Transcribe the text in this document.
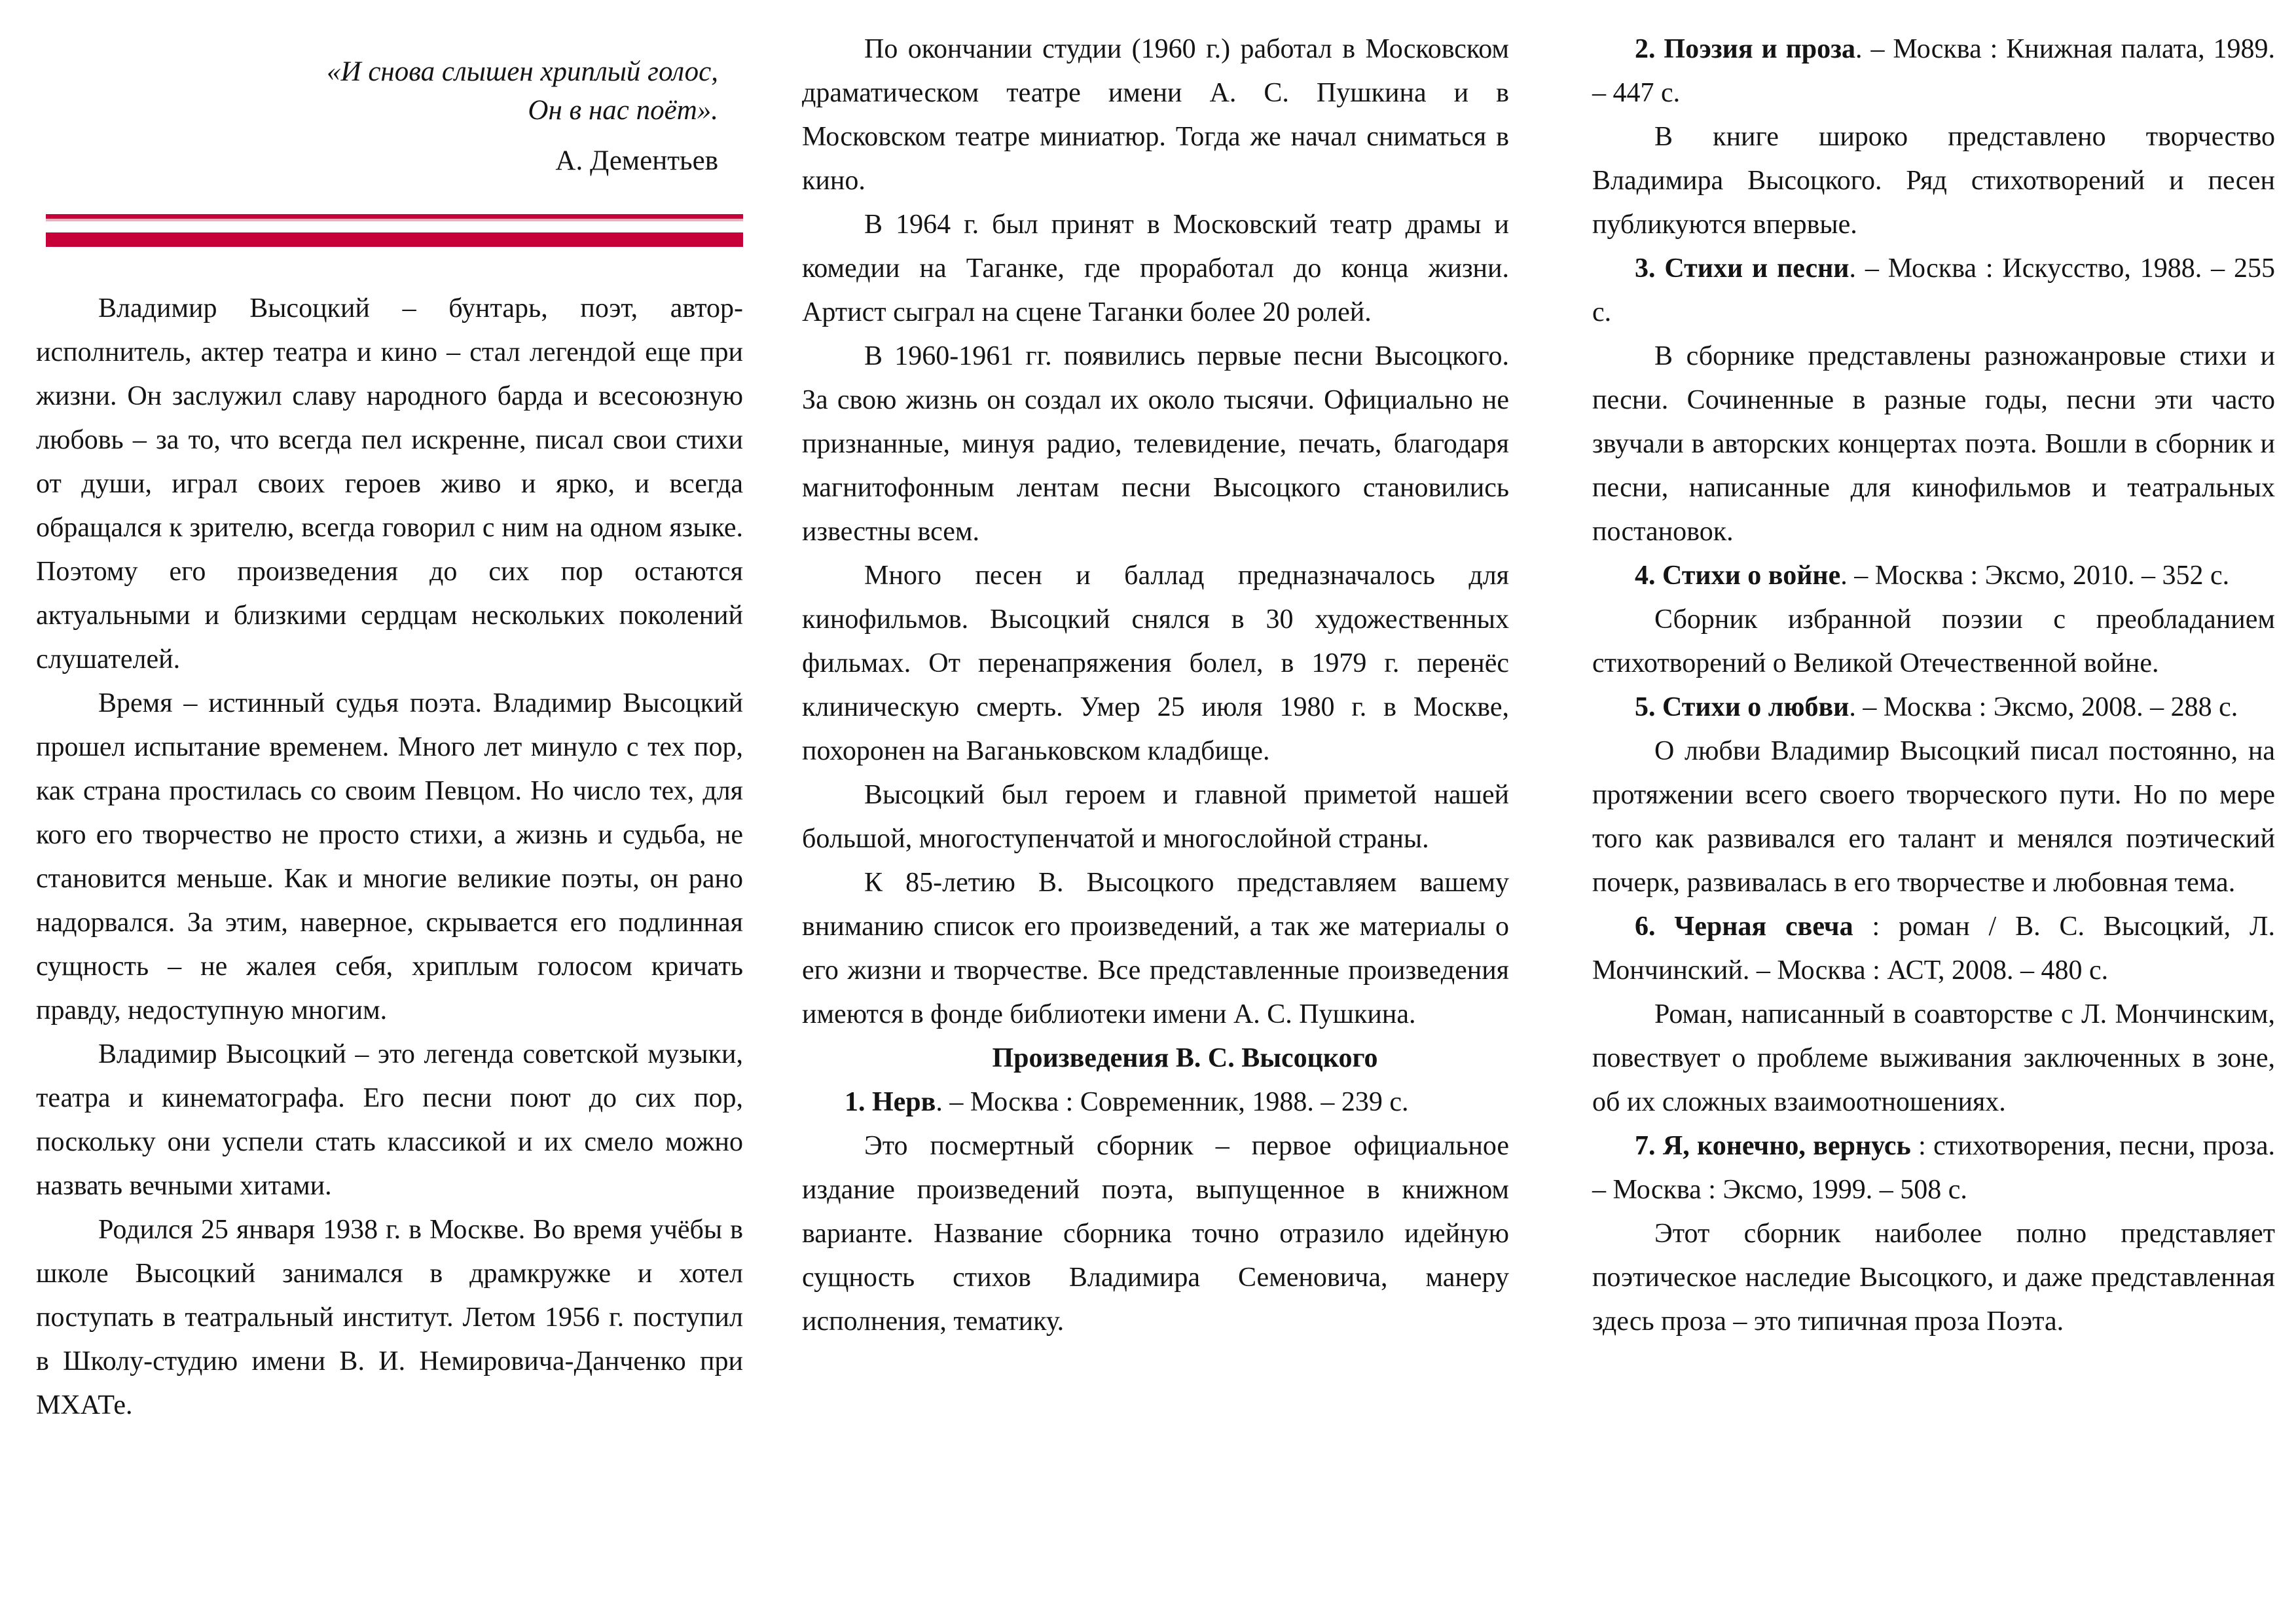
«И снова слышен хриплый голос,
Он в нас поёт».
А. Дементьев

Владимир Высоцкий – бунтарь, поэт, автор-исполнитель, актер театра и кино – стал легендой еще при жизни. Он заслужил славу народного барда и всесоюзную любовь – за то, что всегда пел искренне, писал свои стихи от души, играл своих героев живо и ярко, и всегда обращался к зрителю, всегда говорил с ним на одном языке. Поэтому его произведения до сих пор остаются актуальными и близкими сердцам нескольких поколений слушателей.

Время – истинный судья поэта. Владимир Высоцкий прошел испытание временем. Много лет минуло с тех пор, как страна простилась со своим Певцом. Но число тех, для кого его творчество не просто стихи, а жизнь и судьба, не становится меньше. Как и многие великие поэты, он рано надорвался. За этим, наверное, скрывается его подлинная сущность – не жалея себя, хриплым голосом кричать правду, недоступную многим.

Владимир Высоцкий – это легенда советской музыки, театра и кинематографа. Его песни поют до сих пор, поскольку они успели стать классикой и их смело можно назвать вечными хитами.

Родился 25 января 1938 г. в Москве. Во время учёбы в школе Высоцкий занимался в драмкружке и хотел поступать в театральный институт. Летом 1956 г. поступил в Школу-студию имени В. И. Немировича-Данченко при МХАТе.

По окончании студии (1960 г.) работал в Московском драматическом театре имени А. С. Пушкина и в Московском театре миниатюр. Тогда же начал сниматься в кино.

В 1964 г. был принят в Московский театр драмы и комедии на Таганке, где проработал до конца жизни. Артист сыграл на сцене Таганки более 20 ролей.

В 1960-1961 гг. появились первые песни Высоцкого. За свою жизнь он создал их около тысячи. Официально не признанные, минуя радио, телевидение, печать, благодаря магнитофонным лентам песни Высоцкого становились известны всем.

Много песен и баллад предназначалось для кинофильмов. Высоцкий снялся в 30 художественных фильмах. От перенапряжения болел, в 1979 г. перенёс клиническую смерть. Умер 25 июля 1980 г. в Москве, похоронен на Ваганьковском кладбище.

Высоцкий был героем и главной приметой нашей большой, многоступенчатой и многослойной страны.

К 85-летию В. Высоцкого представляем вашему вниманию список его произведений, а так же материалы о его жизни и творчестве. Все представленные произведения имеются в фонде библиотеки имени А. С. Пушкина.

Произведения В. С. Высоцкого

1. Нерв. – Москва : Современник, 1988. – 239 с.

Это посмертный сборник – первое официальное издание произведений поэта, выпущенное в книжном варианте. Название сборника точно отразило идейную сущность стихов Владимира Семеновича, манеру исполнения, тематику.

2. Поэзия и проза. – Москва : Книжная палата, 1989. – 447 с.

В книге широко представлено творчество Владимира Высоцкого. Ряд стихотворений и песен публикуются впервые.

3. Стихи и песни. – Москва : Искусство, 1988. – 255 с.

В сборнике представлены разножанровые стихи и песни. Сочиненные в разные годы, песни эти часто звучали в авторских концертах поэта. Вошли в сборник и песни, написанные для кинофильмов и театральных постановок.

4. Стихи о войне. – Москва : Эксмо, 2010. – 352 с.

Сборник избранной поэзии с преобладанием стихотворений о Великой Отечественной войне.

5. Стихи о любви. – Москва : Эксмо, 2008. – 288 с.

О любви Владимир Высоцкий писал постоянно, на протяжении всего своего творческого пути. Но по мере того как развивался его талант и менялся поэтический почерк, развивалась в его творчестве и любовная тема.

6. Черная свеча : роман / В. С. Высоцкий, Л. Мончинский. – Москва : АСТ, 2008. – 480 с.

Роман, написанный в соавторстве с Л. Мончинским, повествует о проблеме выживания заключенных в зоне, об их сложных взаимоотношениях.

7. Я, конечно, вернусь : стихотворения, песни, проза. – Москва : Эксмо, 1999. – 508 с.

Этот сборник наиболее полно представляет поэтическое наследие Высоцкого, и даже представленная здесь проза – это типичная проза Поэта.
